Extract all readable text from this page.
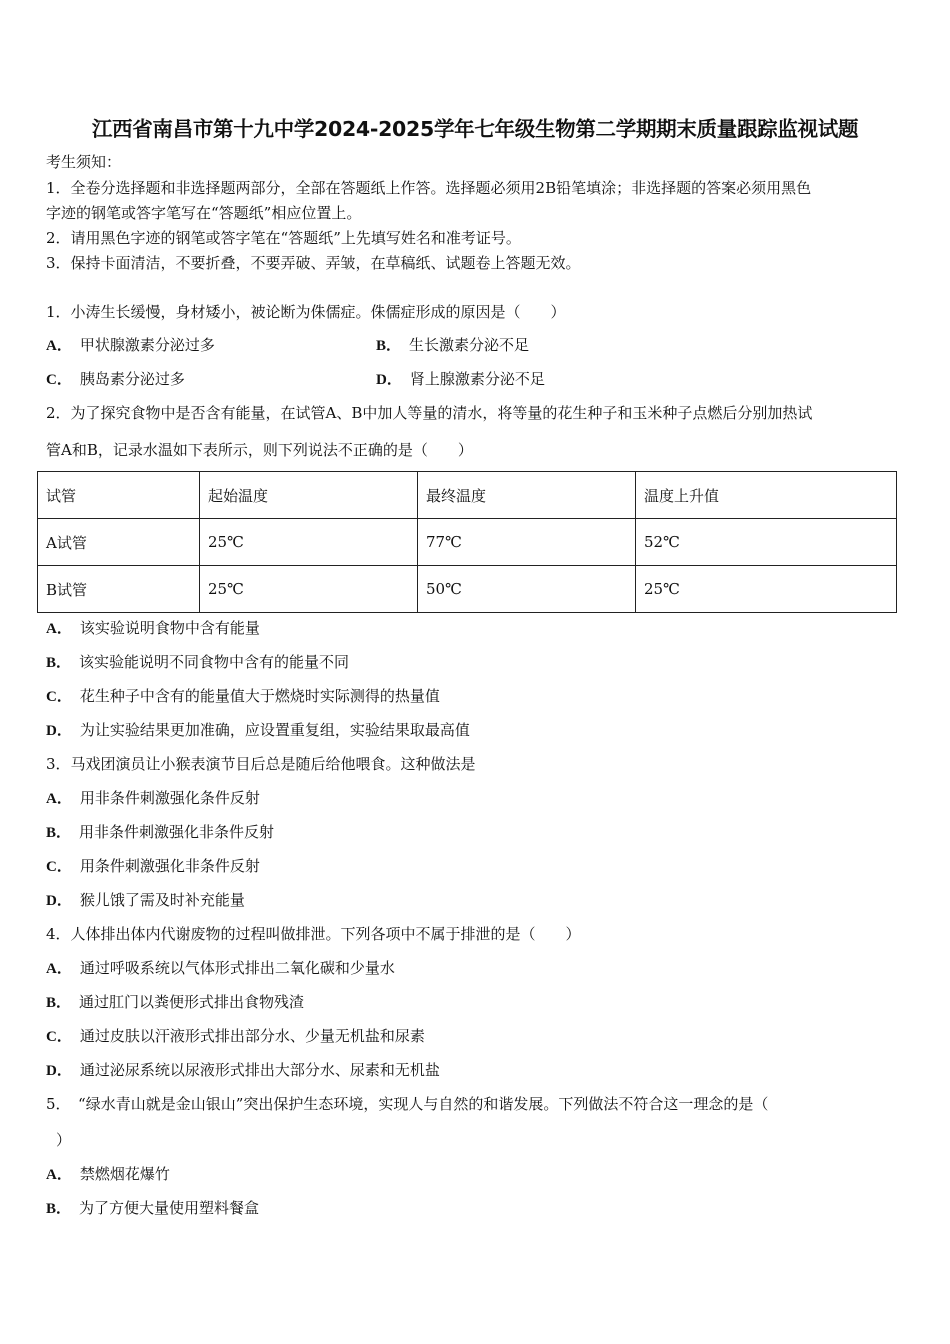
江西省南昌市第十九中学2024-2025学年七年级生物第二学期期末质量跟踪监视试题
考生须知：
1．全卷分选择题和非选择题两部分，全部在答题纸上作答。选择题必须用2B铅笔填涂；非选择题的答案必须用黑色
字迹的钢笔或答字笔写在“答题纸”相应位置上。
2．请用黑色字迹的钢笔或答字笔在“答题纸”上先填写姓名和准考证号。
3．保持卡面清洁，不要折叠，不要弄破、弄皱，在草稿纸、试题卷上答题无效。
1．小涛生长缓慢，身材矮小，被论断为侏儒症。侏儒症形成的原因是（　　）
A． 甲状腺激素分泌过多	B． 生长激素分泌不足
C． 胰岛素分泌过多	D． 肾上腺激素分泌不足
2．为了探究食物中是否含有能量，在试管A、B中加人等量的清水，将等量的花生种子和玉米种子点燃后分别加热试
管A和B，记录水温如下表所示，则下列说法不正确的是（　　）
试管	起始温度	最终温度	温度上升值
A试管	25℃	77℃	52℃
B试管	25℃	50℃	25℃
A． 该实验说明食物中含有能量
B． 该实验能说明不同食物中含有的能量不同
C． 花生种子中含有的能量值大于燃烧时实际测得的热量值
D． 为让实验结果更加准确，应设置重复组，实验结果取最高值
3．马戏团演员让小猴表演节目后总是随后给他喂食。这种做法是
A． 用非条件刺激强化条件反射
B． 用非条件刺激强化非条件反射
C． 用条件刺激强化非条件反射
D． 猴儿饿了需及时补充能量
4．人体排出体内代谢废物的过程叫做排泄。下列各项中不属于排泄的是（　　）
A． 通过呼吸系统以气体形式排出二氧化碳和少量水
B． 通过肛门以粪便形式排出食物残渣
C． 通过皮肤以汗液形式排出部分水、少量无机盐和尿素
D． 通过泌尿系统以尿液形式排出大部分水、尿素和无机盐
5．　“绿水青山就是金山银山”突出保护生态环境，实现人与自然的和谐发展。下列做法不符合这一理念的是（
）
A． 禁燃烟花爆竹
B． 为了方便大量使用塑料餐盒
